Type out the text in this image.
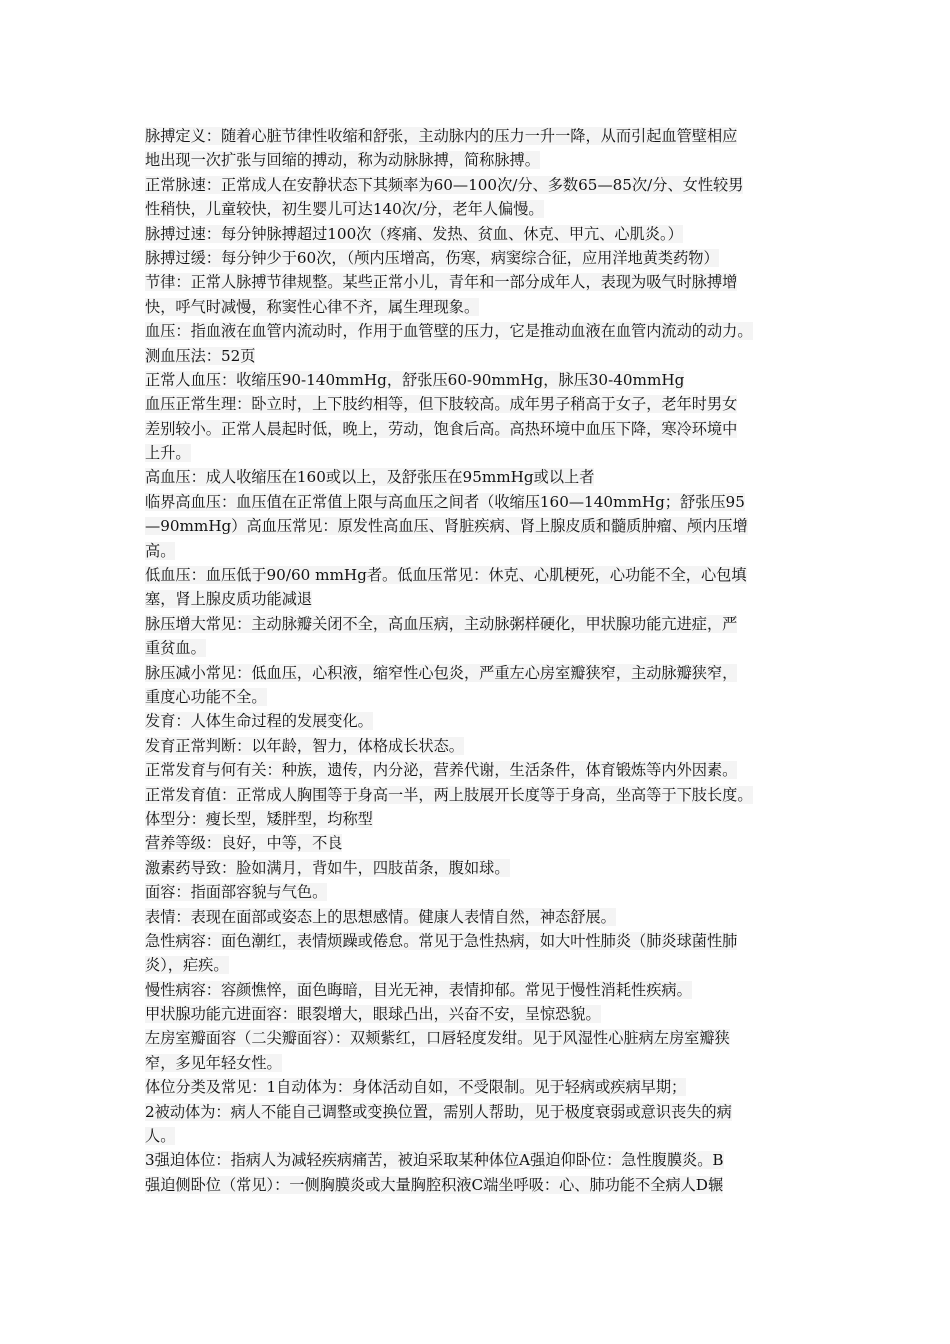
脉搏定义：随着心脏节律性收缩和舒张，主动脉内的压力一升一降，从而引起血管壁相应
地出现一次扩张与回缩的搏动，称为动脉脉搏，简称脉搏。
正常脉速：正常成人在安静状态下其频率为60—100次/分、多数65—85次/分、女性较男
性稍快，儿童较快，初生婴儿可达140次/分，老年人偏慢。
脉搏过速：每分钟脉搏超过100次（疼痛、发热、贫血、休克、甲亢、心肌炎。）
脉搏过缓：每分钟少于60次，（颅内压增高，伤寒，病窦综合征，应用洋地黄类药物）
节律：正常人脉搏节律规整。某些正常小儿，青年和一部分成年人，表现为吸气时脉搏增
快，呼气时减慢，称窦性心律不齐，属生理现象。
血压：指血液在血管内流动时，作用于血管壁的压力，它是推动血液在血管内流动的动力。
测血压法：52页
正常人血压：收缩压90-140mmHg，舒张压60-90mmHg，脉压30-40mmHg
血压正常生理：卧立时，上下肢约相等，但下肢较高。成年男子稍高于女子，老年时男女
差别较小。正常人晨起时低，晚上，劳动，饱食后高。高热环境中血压下降，寒冷环境中
上升。
高血压：成人收缩压在160或以上，及舒张压在95mmHg或以上者
临界高血压：血压值在正常值上限与高血压之间者（收缩压160—140mmHg；舒张压95
—90mmHg）高血压常见：原发性高血压、肾脏疾病、肾上腺皮质和髓质肿瘤、颅内压增
高。
低血压：血压低于90/60 mmHg者。低血压常见：休克、心肌梗死，心功能不全，心包填
塞，肾上腺皮质功能减退
脉压增大常见：主动脉瓣关闭不全，高血压病，主动脉粥样硬化，甲状腺功能亢进症，严
重贫血。
脉压减小常见：低血压，心积液，缩窄性心包炎，严重左心房室瓣狭窄，主动脉瓣狭窄，
重度心功能不全。
发育：人体生命过程的发展变化。
发育正常判断：以年龄，智力，体格成长状态。
正常发育与何有关：种族，遗传，内分泌，营养代谢，生活条件，体育锻炼等内外因素。
正常发育值：正常成人胸围等于身高一半，两上肢展开长度等于身高，坐高等于下肢长度。
体型分：瘦长型，矮胖型，均称型
营养等级：良好，中等，不良
激素药导致：脸如满月，背如牛，四肢苗条，腹如球。
面容：指面部容貌与气色。
表情：表现在面部或姿态上的思想感情。健康人表情自然，神态舒展。
急性病容：面色潮红，表情烦躁或倦怠。常见于急性热病，如大叶性肺炎（肺炎球菌性肺
炎），疟疾。
慢性病容：容颜憔悴，面色晦暗，目光无神，表情抑郁。常见于慢性消耗性疾病。
甲状腺功能亢进面容：眼裂增大，眼球凸出，兴奋不安，呈惊恐貌。
左房室瓣面容（二尖瓣面容）：双颊紫红，口唇轻度发绀。见于风湿性心脏病左房室瓣狭
窄，多见年轻女性。
体位分类及常见：1自动体为：身体活动自如，不受限制。见于轻病或疾病早期；
2被动体为：病人不能自己调整或变换位置，需别人帮助，见于极度衰弱或意识丧失的病
人。
3强迫体位：指病人为减轻疾病痛苦，被迫采取某种体位A强迫仰卧位：急性腹膜炎。B
强迫侧卧位（常见）：一侧胸膜炎或大量胸腔积液C端坐呼吸：心、肺功能不全病人D辗
